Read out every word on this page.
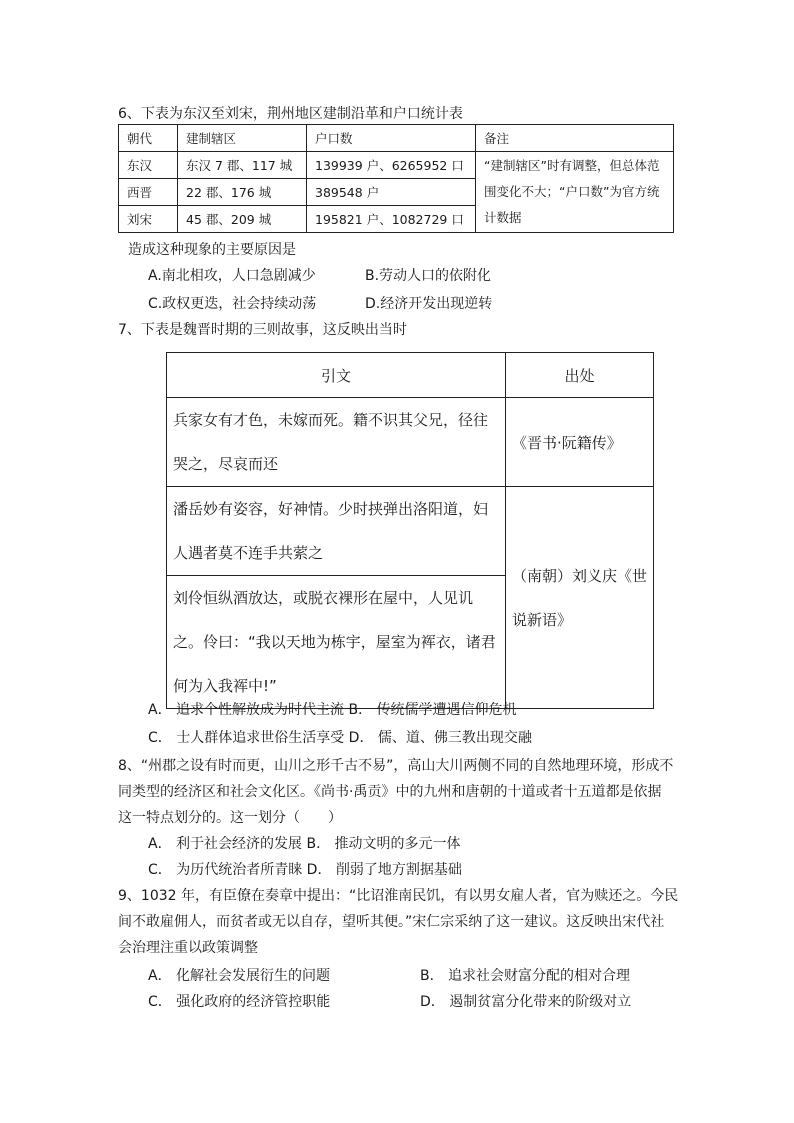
6、下表为东汉至刘宋，荆州地区建制沿革和户口统计表
朝代	建制辖区	户口数	备注
东汉	东汉 7 郡、117 城	139939 户、6265952 口	“建制辖区”时有调整，但总体范围变化不大；“户口数”为官方统计数据
西晋	22 郡、176 城	389548 户	
刘宋	45 郡、209 城	195821 户、1082729 口	
造成这种现象的主要原因是
A.南北相攻，人口急剧减少	B.劳动人口的依附化
C.政权更迭，社会持续动荡	D.经济开发出现逆转
7、下表是魏晋时期的三则故事，这反映出当时
引文	出处
兵家女有才色，未嫁而死。籍不识其父兄，径往哭之，尽哀而还	《晋书·阮籍传》
潘岳妙有姿容，好神情。少时挟弹出洛阳道，妇人遇者莫不连手共萦之	（南朝）刘义庆《世说新语》
刘伶恒纵酒放达，或脱衣裸形在屋中，人见讥之。伶曰：“我以天地为栋宇，屋室为裈衣，诸君何为入我裈中!”	
A． 追求个性解放成为时代主流 B． 传统儒学遭遇信仰危机
C． 士人群体追求世俗生活享受 D． 儒、道、佛三教出现交融
8、“州郡之设有时而更，山川之形千古不易”，高山大川两侧不同的自然地理环境，形成不
同类型的经济区和社会文化区。《尚书·禹贡》中的九州和唐朝的十道或者十五道都是依据
这一特点划分的。这一划分（　　）
A． 利于社会经济的发展 B． 推动文明的多元一体
C． 为历代统治者所青睐 D． 削弱了地方割据基础
9、1032 年，有臣僚在奏章中提出：“比诏淮南民饥，有以男女雇人者，官为赎还之。今民
间不敢雇佣人，而贫者或无以自存，望听其便。”宋仁宗采纳了这一建议。这反映出宋代社
会治理注重以政策调整
A． 化解社会发展衍生的问题	B． 追求社会财富分配的相对合理
C． 强化政府的经济管控职能	D． 遏制贫富分化带来的阶级对立
